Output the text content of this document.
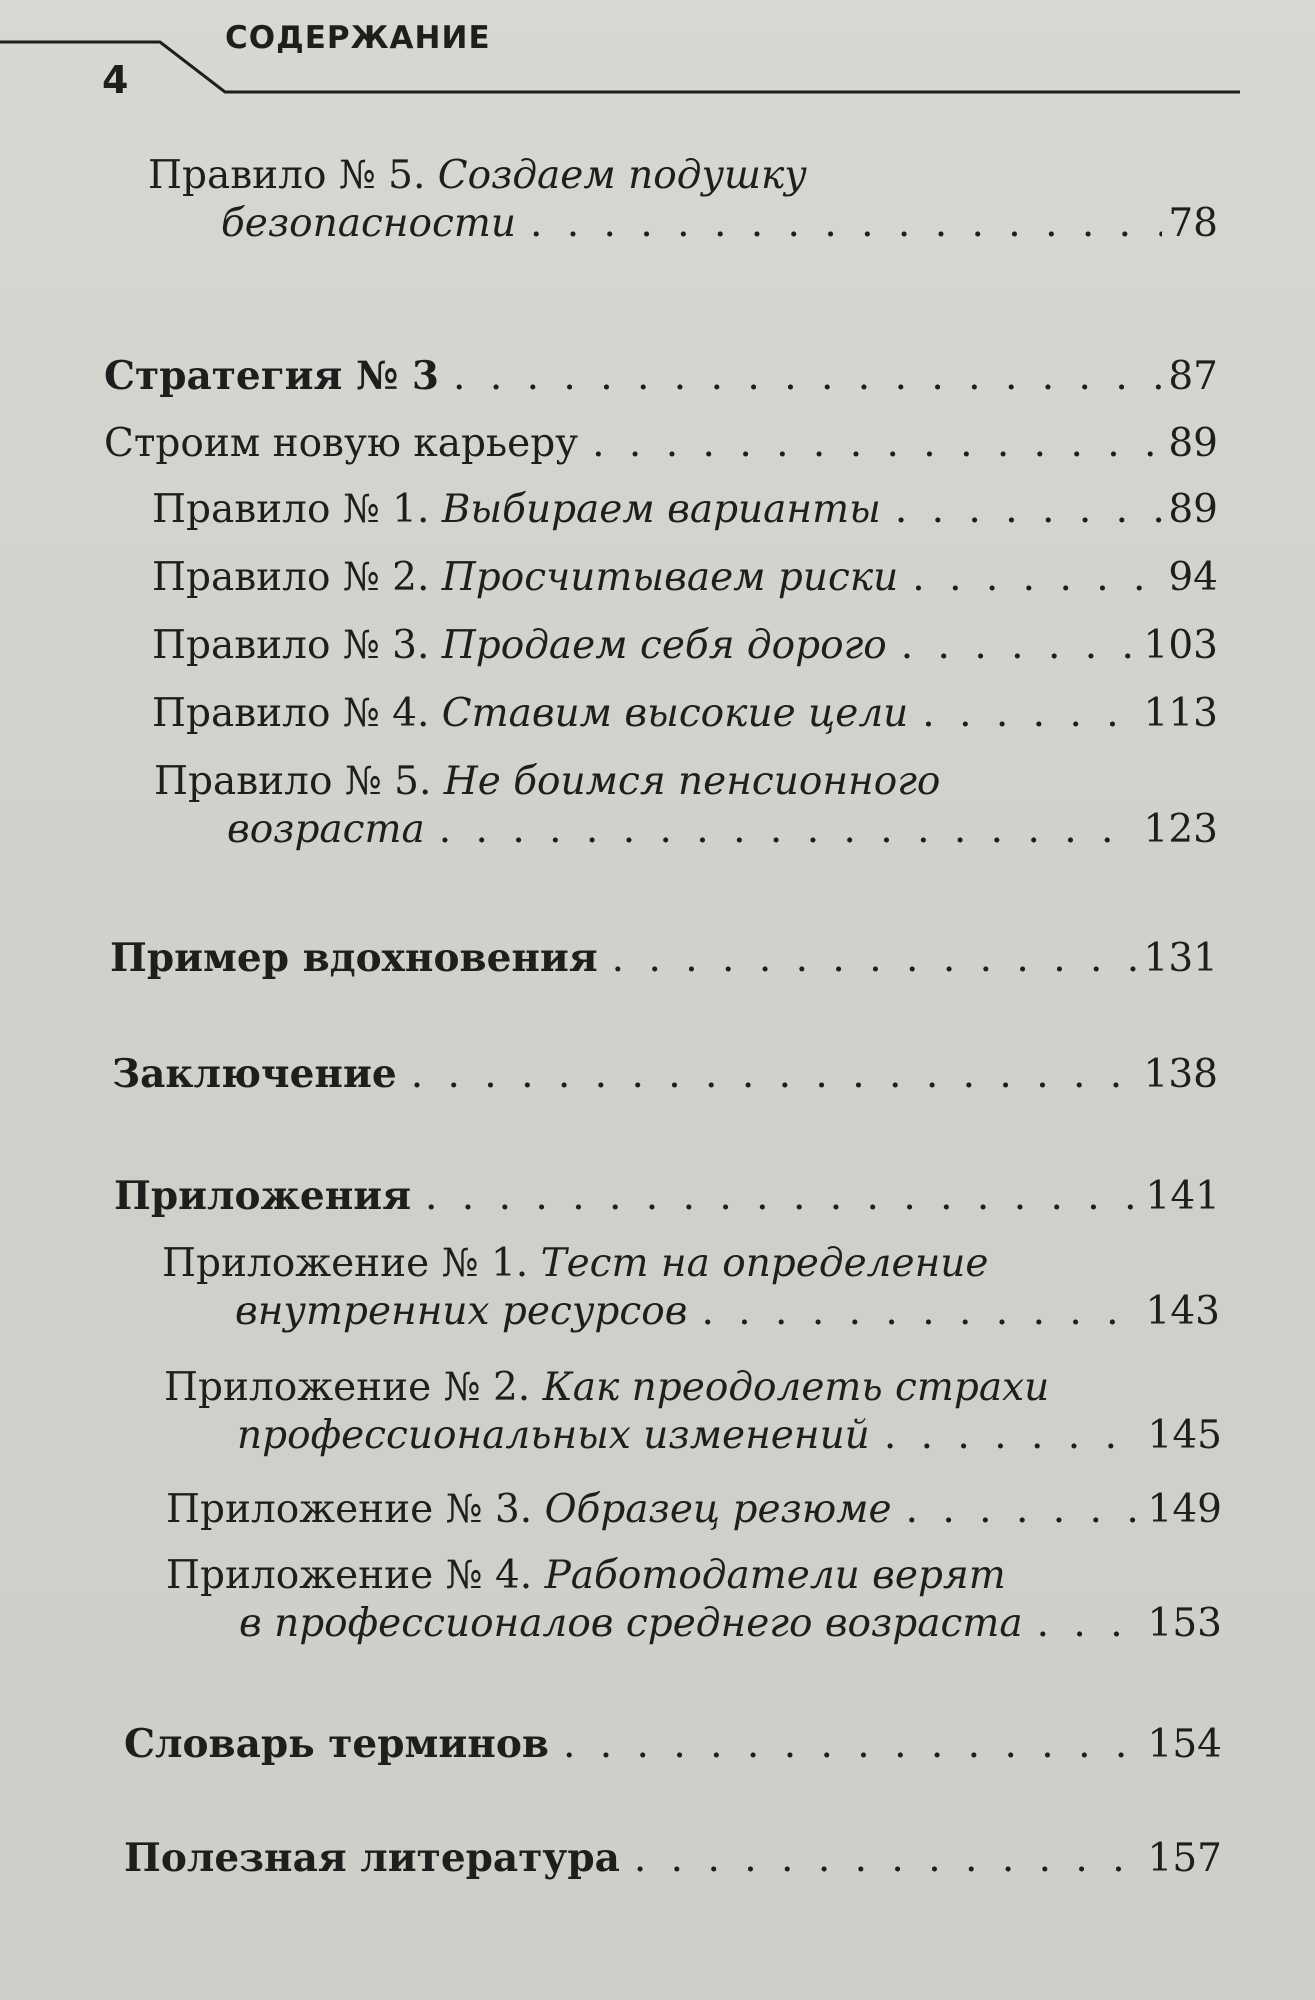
4
СОДЕРЖАНИЕ
Правило № 5. Создаем подушку
безопасности . . .	78
Стратегия № 3 . . .	87
Строим новую карьеру . . .	89
Правило № 1. Выбираем варианты . . .	89
Правило № 2. Просчитываем риски . . .	94
Правило № 3. Продаем себя дорого . . .	103
Правило № 4. Ставим высокие цели . . .	113
Правило № 5. Не боимся пенсионного
возраста . . .	123
Пример вдохновения . . .	131
Заключение . . .	138
Приложения . . .	141
Приложение № 1. Тест на определение
внутренних ресурсов . . .	143
Приложение № 2. Как преодолеть страхи
профессиональных изменений . . .	145
Приложение № 3. Образец резюме . . .	149
Приложение № 4. Работодатели верят
в профессионалов среднего возраста . . .	153
Словарь терминов . . .	154
Полезная литература . . .	157
